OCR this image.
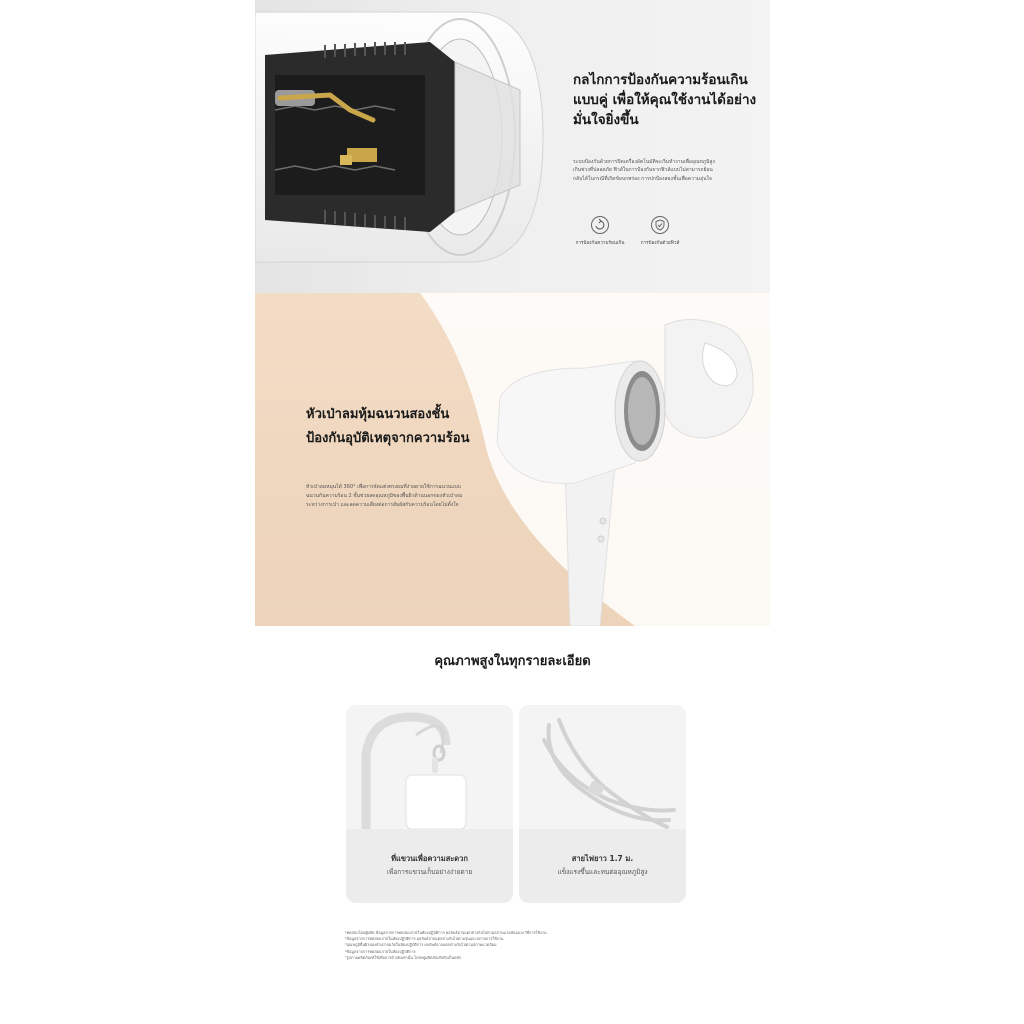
กลไกการป้องกันความร้อนเกินแบบคู่ เพื่อให้คุณใช้งานได้อย่างมั่นใจยิ่งขึ้น
ระบบป้องกันด้วยการปิดเครื่องอัตโนมัติจะเริ่มทำงานเพื่ออุณหภูมิสูงเกินช่วงที่ปลอดภัย ฟิวส์ในการป้องกันจากฟิวส์แบบไม่สามารถย้อนกลับได้ในกรณีที่เกิดข้อบกพร่อง การปกป้องสองชั้นเพื่อความอุ่นใจ
การป้องกันความร้อนเกิน	การป้องกันด้วยฟิวส์
หัวเป่าลมหุ้มฉนวนสองชั้น ป้องกันอุบัติเหตุจากความร้อน
หัวเป่าลมหมุนได้ 360° เพื่อการจัดแต่งทรงผมที่ง่ายดายใช้การฉนวนแบบฉนวนกันความร้อน 2 ชั้นช่วยลดอุณหภูมิของพื้นผิวด้านนอกของหัวเป่าลมระหว่างการเป่า และลดความเสี่ยงต่อการสัมผัสกับความร้อนโดยไม่ตั้งใจ
คุณภาพสูงในทุกรายละเอียด
ที่แขวนเพื่อความสะดวก
เพื่อการแขวนเก็บอย่างง่ายดาย
สายไฟยาว 1.7 ม.
แข็งแรงขึ้นและทนต่ออุณหภูมิสูง
¹ทดสอบโดยผู้ผลิต ข้อมูลจากการทดสอบภายในห้องปฏิบัติการ ผลลัพธ์อาจแตกต่างกันไปตามสภาพแวดล้อมและวิธีการใช้งาน
²ข้อมูลจากการทดสอบภายในห้องปฏิบัติการ ผลลัพธ์อาจแตกต่างกันไปตามรุ่นและสภาพการใช้งาน
³อุณหภูมิพื้นผิวของหัวเป่าลมวัดในห้องปฏิบัติการ ผลลัพธ์อาจแตกต่างกันไปตามสภาพแวดล้อม
⁴ข้อมูลจากการทดสอบภายในห้องปฏิบัติการ
⁵รูปภาพผลิตภัณฑ์ใช้เพื่อการอ้างอิงเท่านั้น โปรดดูผลิตภัณฑ์จริงเป็นหลัก
